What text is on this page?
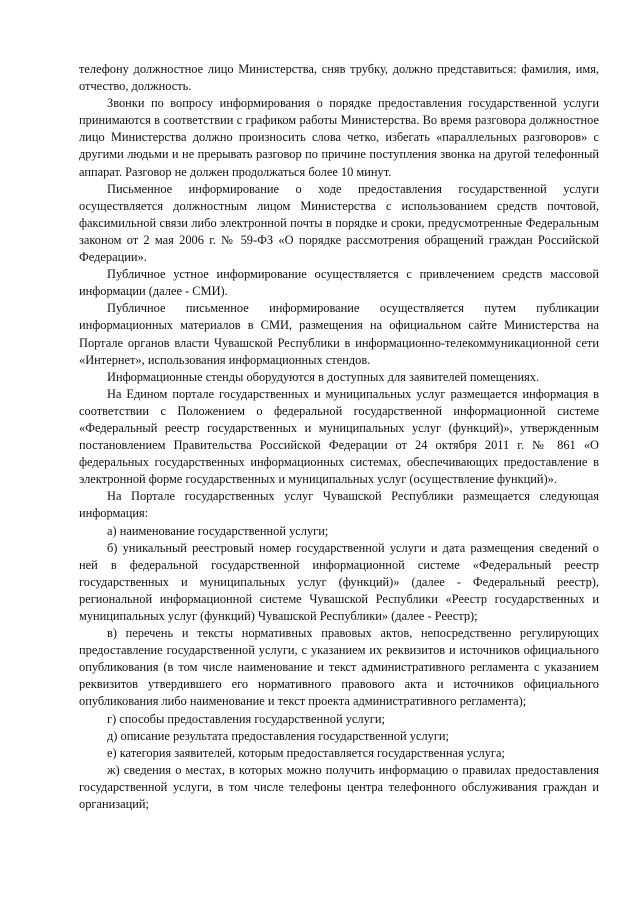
телефону должностное лицо Министерства, сняв трубку, должно представиться: фамилия, имя, отчество, должность.

Звонки по вопросу информирования о порядке предоставления государственной услуги принимаются в соответствии с графиком работы Министерства. Во время разговора должностное лицо Министерства должно произносить слова четко, избегать «параллельных разговоров» с другими людьми и не прерывать разговор по причине поступления звонка на другой телефонный аппарат. Разговор не должен продолжаться более 10 минут.

Письменное информирование о ходе предоставления государственной услуги осуществляется должностным лицом Министерства с использованием средств почтовой, факсимильной связи либо электронной почты в порядке и сроки, предусмотренные Федеральным законом от 2 мая 2006 г. № 59-ФЗ «О порядке рассмотрения обращений граждан Российской Федерации».

Публичное устное информирование осуществляется с привлечением средств массовой информации (далее - СМИ).

Публичное письменное информирование осуществляется путем публикации информационных материалов в СМИ, размещения на официальном сайте Министерства на Портале органов власти Чувашской Республики в информационно-телекоммуникационной сети «Интернет», использования информационных стендов.

Информационные стенды оборудуются в доступных для заявителей помещениях.

На Едином портале государственных и муниципальных услуг размещается информация в соответствии с Положением о федеральной государственной информационной системе «Федеральный реестр государственных и муниципальных услуг (функций)», утвержденным постановлением Правительства Российской Федерации от 24 октября 2011 г. № 861 «О федеральных государственных информационных системах, обеспечивающих предоставление в электронной форме государственных и муниципальных услуг (осуществление функций)».

На Портале государственных услуг Чувашской Республики размещается следующая информация:

а) наименование государственной услуги;

б) уникальный реестровый номер государственной услуги и дата размещения сведений о ней в федеральной государственной информационной системе «Федеральный реестр государственных и муниципальных услуг (функций)» (далее - Федеральный реестр), региональной информационной системе Чувашской Республики «Реестр государственных и муниципальных услуг (функций) Чувашской Республики» (далее - Реестр);

в) перечень и тексты нормативных правовых актов, непосредственно регулирующих предоставление государственной услуги, с указанием их реквизитов и источников официального опубликования (в том числе наименование и текст административного регламента с указанием реквизитов утвердившего его нормативного правового акта и источников официального опубликования либо наименование и текст проекта административного регламента);

г) способы предоставления государственной услуги;

д) описание результата предоставления государственной услуги;

е) категория заявителей, которым предоставляется государственная услуга;

ж) сведения о местах, в которых можно получить информацию о правилах предоставления государственной услуги, в том числе телефоны центра телефонного обслуживания граждан и организаций;
